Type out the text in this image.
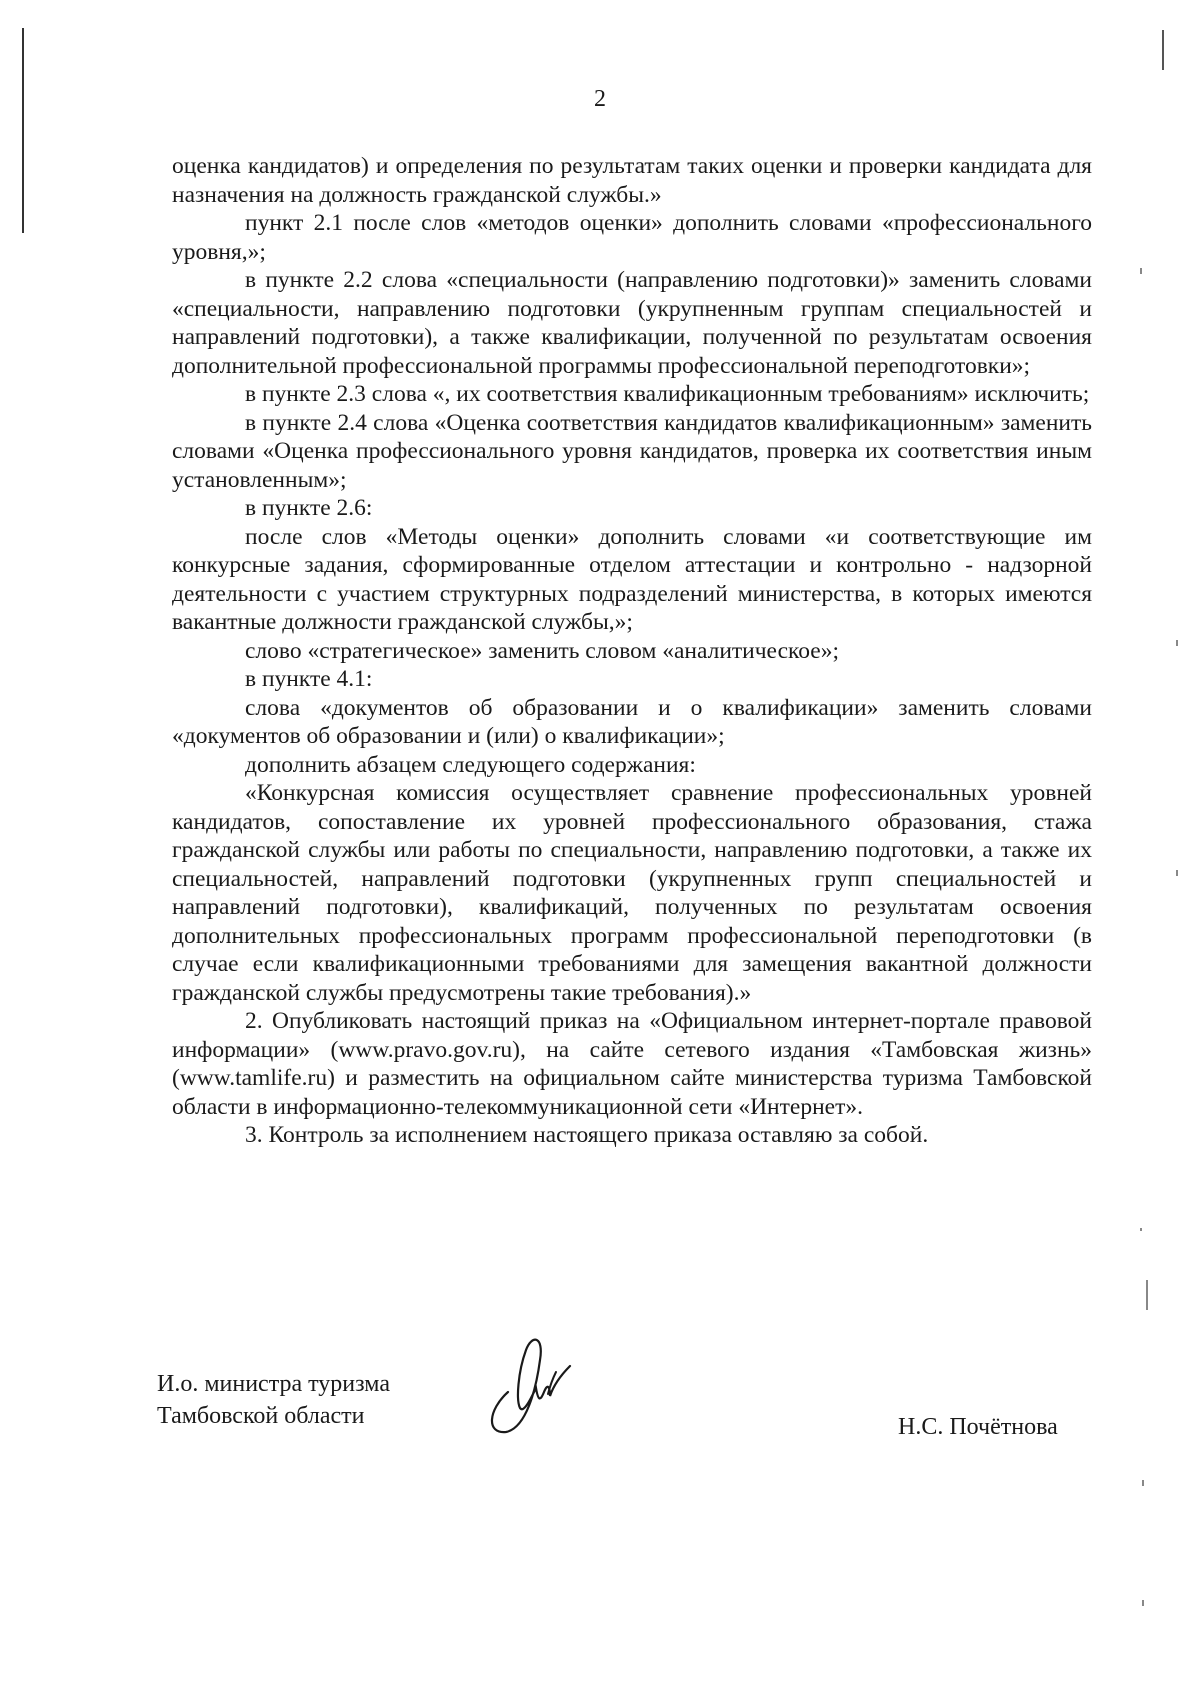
2

оценка кандидатов) и определения по результатам таких оценки и проверки кандидата для назначения на должность гражданской службы.»

пункт 2.1 после слов «методов оценки» дополнить словами «профессионального уровня,»;

в пункте 2.2 слова «специальности (направлению подготовки)» заменить словами «специальности, направлению подготовки (укрупненным группам специальностей и направлений подготовки), а также квалификации, полученной по результатам освоения дополнительной профессиональной программы профессиональной переподготовки»;

в пункте 2.3 слова «, их соответствия квалификационным требованиям» исключить;

в пункте 2.4 слова «Оценка соответствия кандидатов квалификационным» заменить словами «Оценка профессионального уровня кандидатов, проверка их соответствия иным установленным»;

в пункте 2.6:

после слов «Методы оценки» дополнить словами «и соответствующие им конкурсные задания, сформированные отделом аттестации и контрольно - надзорной деятельности с участием структурных подразделений министерства, в которых имеются вакантные должности гражданской службы,»;

слово «стратегическое» заменить словом «аналитическое»;

в пункте 4.1:

слова «документов об образовании и о квалификации» заменить словами «документов об образовании и (или) о квалификации»;

дополнить абзацем следующего содержания:

«Конкурсная комиссия осуществляет сравнение профессиональных уровней кандидатов, сопоставление их уровней профессионального образования, стажа гражданской службы или работы по специальности, направлению подготовки, а также их специальностей, направлений подготовки (укрупненных групп специальностей и направлений подготовки), квалификаций, полученных по результатам освоения дополнительных профессиональных программ профессиональной переподготовки (в случае если квалификационными требованиями для замещения вакантной должности гражданской службы предусмотрены такие требования).»

2. Опубликовать настоящий приказ на «Официальном интернет-портале правовой информации» (www.pravo.gov.ru), на сайте сетевого издания «Тамбовская жизнь» (www.tamlife.ru) и разместить на официальном сайте министерства туризма Тамбовской области в информационно-телекоммуникационной сети «Интернет».

3. Контроль за исполнением настоящего приказа оставляю за собой.

И.о. министра туризма
Тамбовской области	Н.С. Почётнова
